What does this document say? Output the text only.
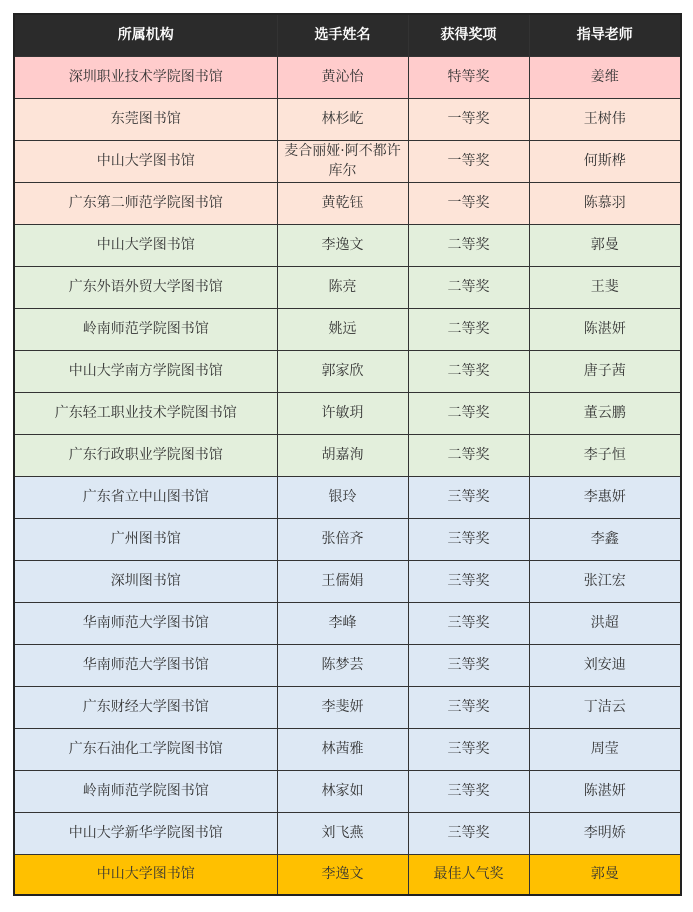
所属机构	选手姓名	获得奖项	指导老师
深圳职业技术学院图书馆	黄沁怡	特等奖	姜维
东莞图书馆	林杉屹	一等奖	王树伟
中山大学图书馆	麦合丽娅·阿不都许库尔	一等奖	何斯桦
广东第二师范学院图书馆	黄乾钰	一等奖	陈慕羽
中山大学图书馆	李逸文	二等奖	郭曼
广东外语外贸大学图书馆	陈亮	二等奖	王斐
岭南师范学院图书馆	姚远	二等奖	陈湛妍
中山大学南方学院图书馆	郭家欣	二等奖	唐子茜
广东轻工职业技术学院图书馆	许敏玥	二等奖	董云鹏
广东行政职业学院图书馆	胡嘉洵	二等奖	李子恒
广东省立中山图书馆	银玲	三等奖	李惠妍
广州图书馆	张倍齐	三等奖	李鑫
深圳图书馆	王儒娟	三等奖	张江宏
华南师范大学图书馆	李峰	三等奖	洪超
华南师范大学图书馆	陈梦芸	三等奖	刘安迪
广东财经大学图书馆	李斐妍	三等奖	丁洁云
广东石油化工学院图书馆	林茜雅	三等奖	周莹
岭南师范学院图书馆	林家如	三等奖	陈湛妍
中山大学新华学院图书馆	刘飞燕	三等奖	李明娇
中山大学图书馆	李逸文	最佳人气奖	郭曼
